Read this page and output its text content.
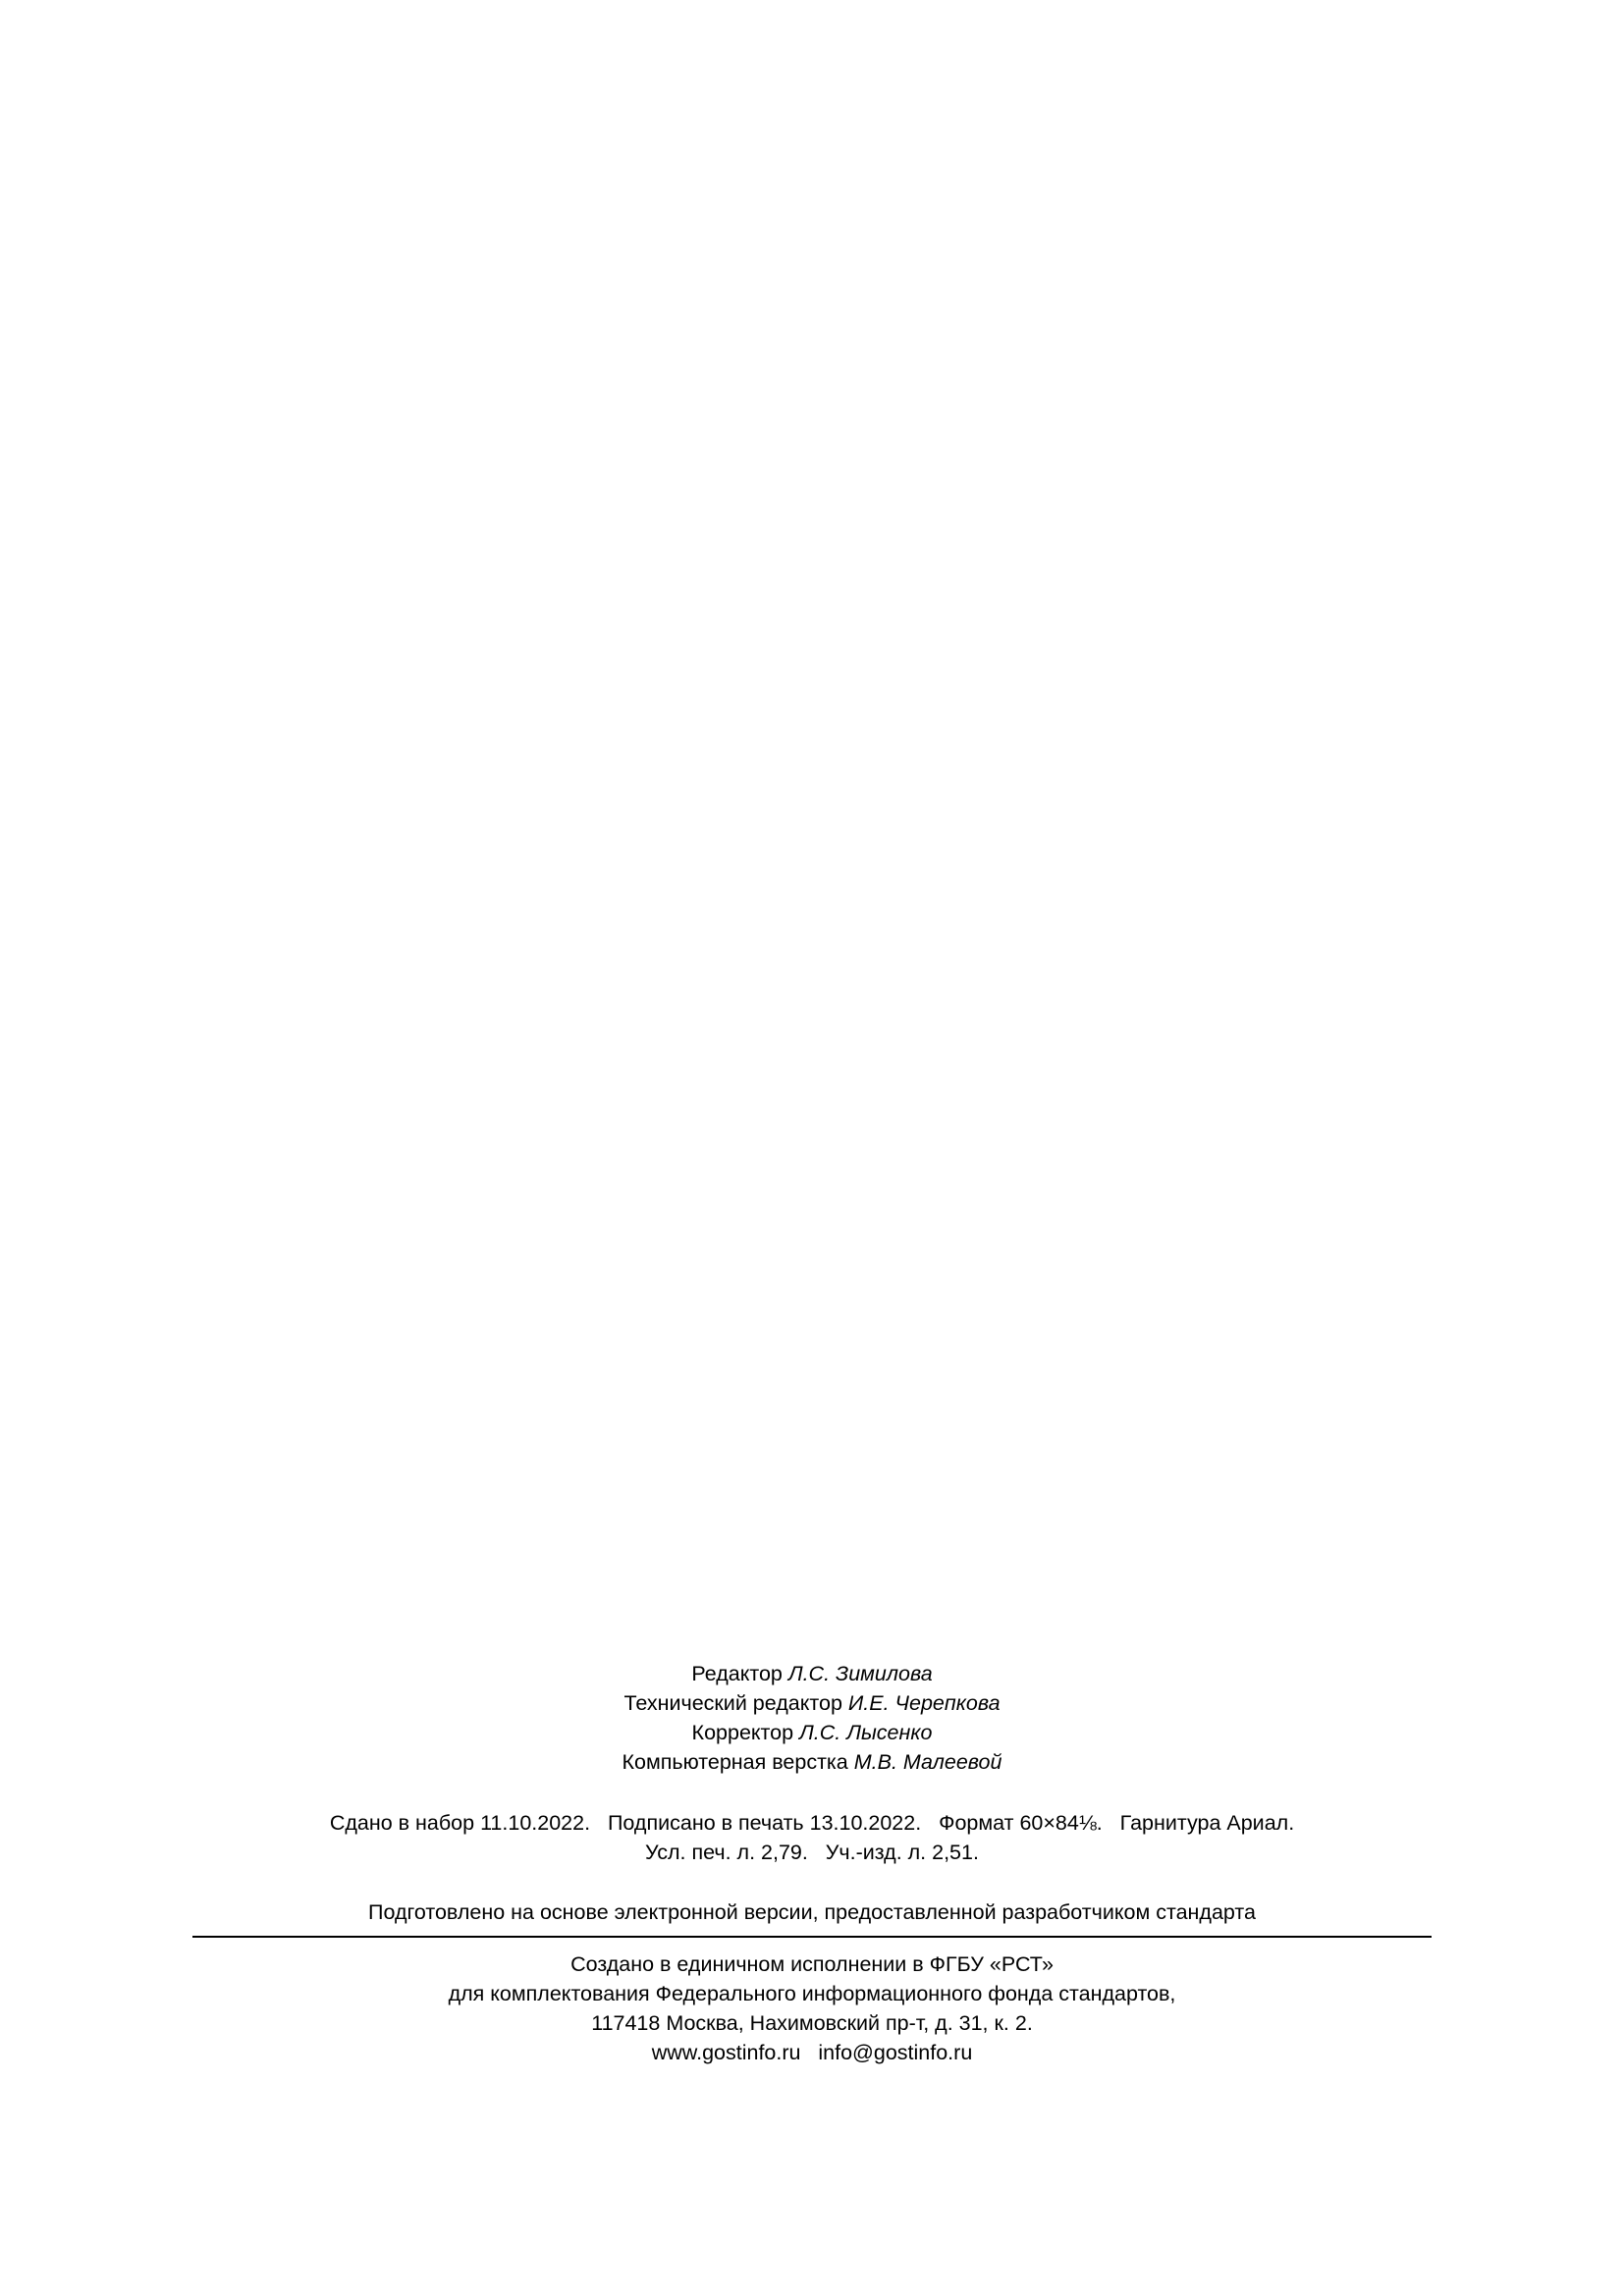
Редактор Л.С. Зимилова
Технический редактор И.Е. Черепкова
Корректор Л.С. Лысенко
Компьютерная верстка М.В. Малеевой
Сдано в набор 11.10.2022.   Подписано в печать 13.10.2022.   Формат 60×84⅛.   Гарнитура Ариал.
Усл. печ. л. 2,79.   Уч.-изд. л. 2,51.
Подготовлено на основе электронной версии, предоставленной разработчиком стандарта
Создано в единичном исполнении в ФГБУ «РСТ»
для комплектования Федерального информационного фонда стандартов,
117418 Москва, Нахимовский пр-т, д. 31, к. 2.
www.gostinfo.ru info@gostinfo.ru
